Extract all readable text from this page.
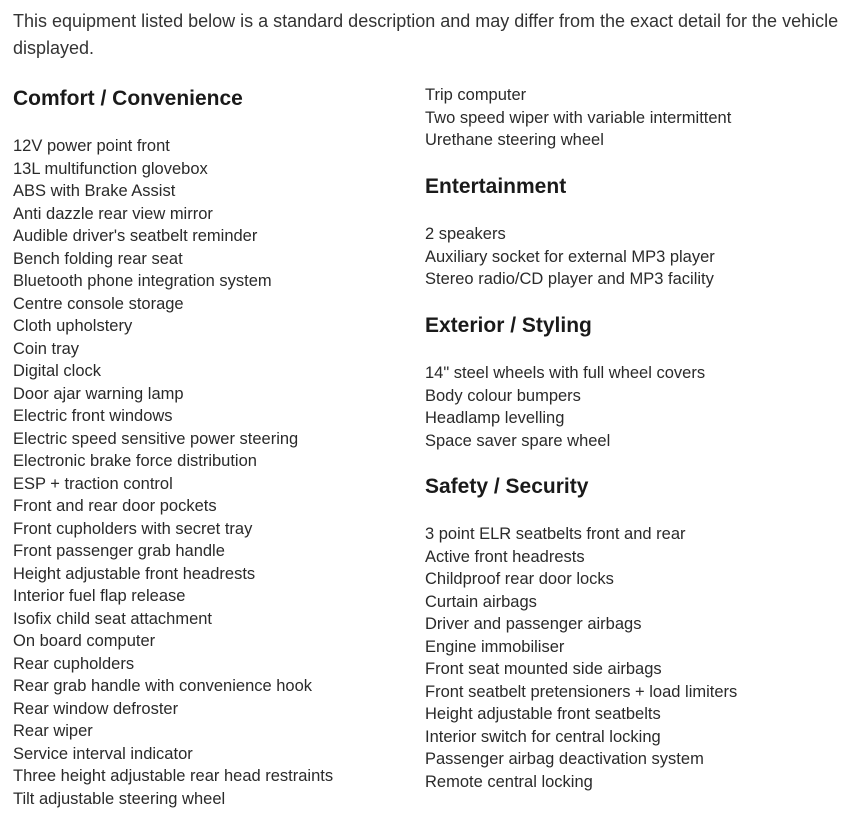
This equipment listed below is a standard description and may differ from the exact detail for the vehicle displayed.
Comfort / Convenience
12V power point front
13L multifunction glovebox
ABS with Brake Assist
Anti dazzle rear view mirror
Audible driver's seatbelt reminder
Bench folding rear seat
Bluetooth phone integration system
Centre console storage
Cloth upholstery
Coin tray
Digital clock
Door ajar warning lamp
Electric front windows
Electric speed sensitive power steering
Electronic brake force distribution
ESP + traction control
Front and rear door pockets
Front cupholders with secret tray
Front passenger grab handle
Height adjustable front headrests
Interior fuel flap release
Isofix child seat attachment
On board computer
Rear cupholders
Rear grab handle with convenience hook
Rear window defroster
Rear wiper
Service interval indicator
Three height adjustable rear head restraints
Tilt adjustable steering wheel
Trip computer
Two speed wiper with variable intermittent
Urethane steering wheel
Entertainment
2 speakers
Auxiliary socket for external MP3 player
Stereo radio/CD player and MP3 facility
Exterior / Styling
14" steel wheels with full wheel covers
Body colour bumpers
Headlamp levelling
Space saver spare wheel
Safety / Security
3 point ELR seatbelts front and rear
Active front headrests
Childproof rear door locks
Curtain airbags
Driver and passenger airbags
Engine immobiliser
Front seat mounted side airbags
Front seatbelt pretensioners + load limiters
Height adjustable front seatbelts
Interior switch for central locking
Passenger airbag deactivation system
Remote central locking
